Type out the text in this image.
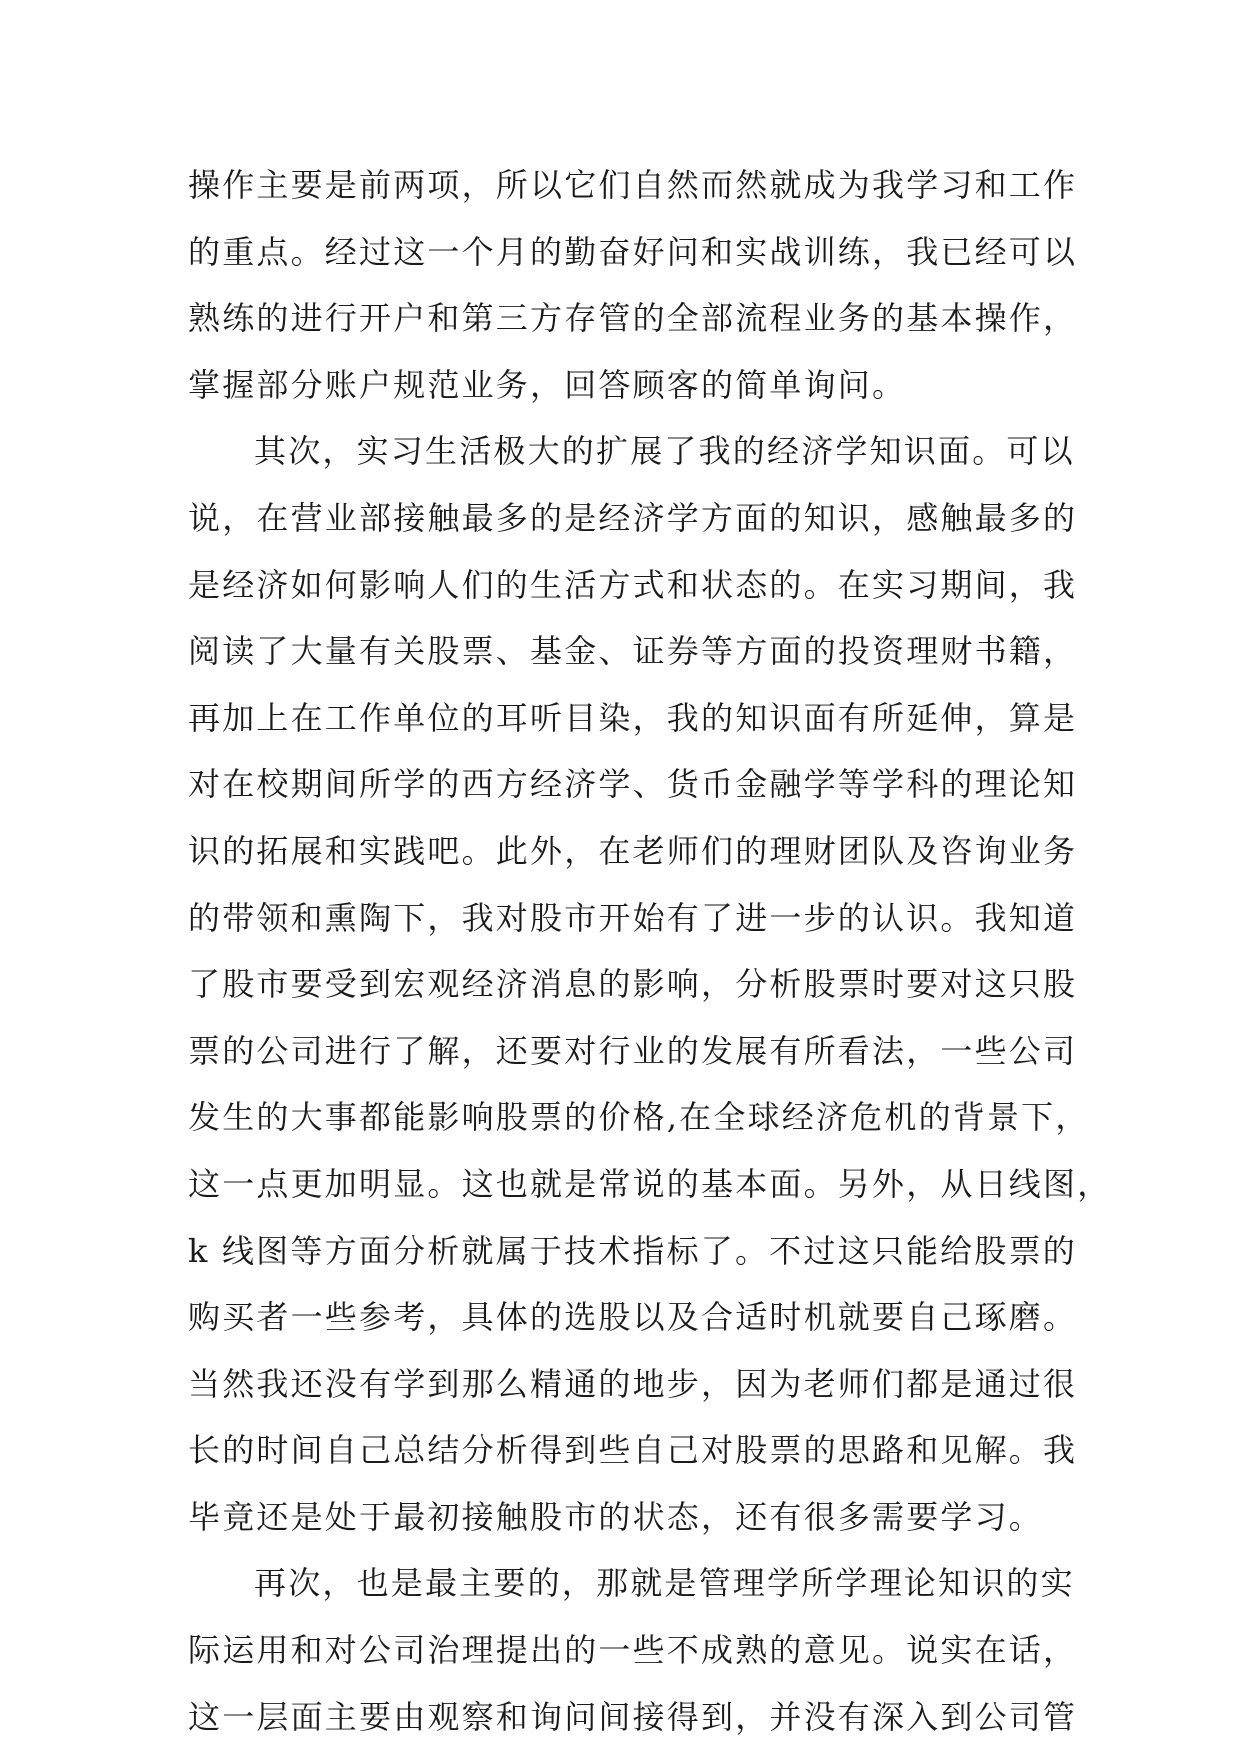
操作主要是前两项，所以它们自然而然就成为我学习和工作
的重点。经过这一个月的勤奋好问和实战训练，我已经可以
熟练的进行开户和第三方存管的全部流程业务的基本操作，
掌握部分账户规范业务，回答顾客的简单询问。
其次，实习生活极大的扩展了我的经济学知识面。可以
说，在营业部接触最多的是经济学方面的知识，感触最多的
是经济如何影响人们的生活方式和状态的。在实习期间，我
阅读了大量有关股票、基金、证券等方面的投资理财书籍，
再加上在工作单位的耳听目染，我的知识面有所延伸，算是
对在校期间所学的西方经济学、货币金融学等学科的理论知
识的拓展和实践吧。此外，在老师们的理财团队及咨询业务
的带领和熏陶下，我对股市开始有了进一步的认识。我知道
了股市要受到宏观经济消息的影响，分析股票时要对这只股
票的公司进行了解，还要对行业的发展有所看法，一些公司
发生的大事都能影响股票的价格,在全球经济危机的背景下，
这一点更加明显。这也就是常说的基本面。另外，从日线图，
k 线图等方面分析就属于技术指标了。不过这只能给股票的
购买者一些参考，具体的选股以及合适时机就要自己琢磨。
当然我还没有学到那么精通的地步，因为老师们都是通过很
长的时间自己总结分析得到些自己对股票的思路和见解。我
毕竟还是处于最初接触股市的状态，还有很多需要学习。
再次，也是最主要的，那就是管理学所学理论知识的实
际运用和对公司治理提出的一些不成熟的意见。说实在话，
这一层面主要由观察和询问间接得到，并没有深入到公司管
